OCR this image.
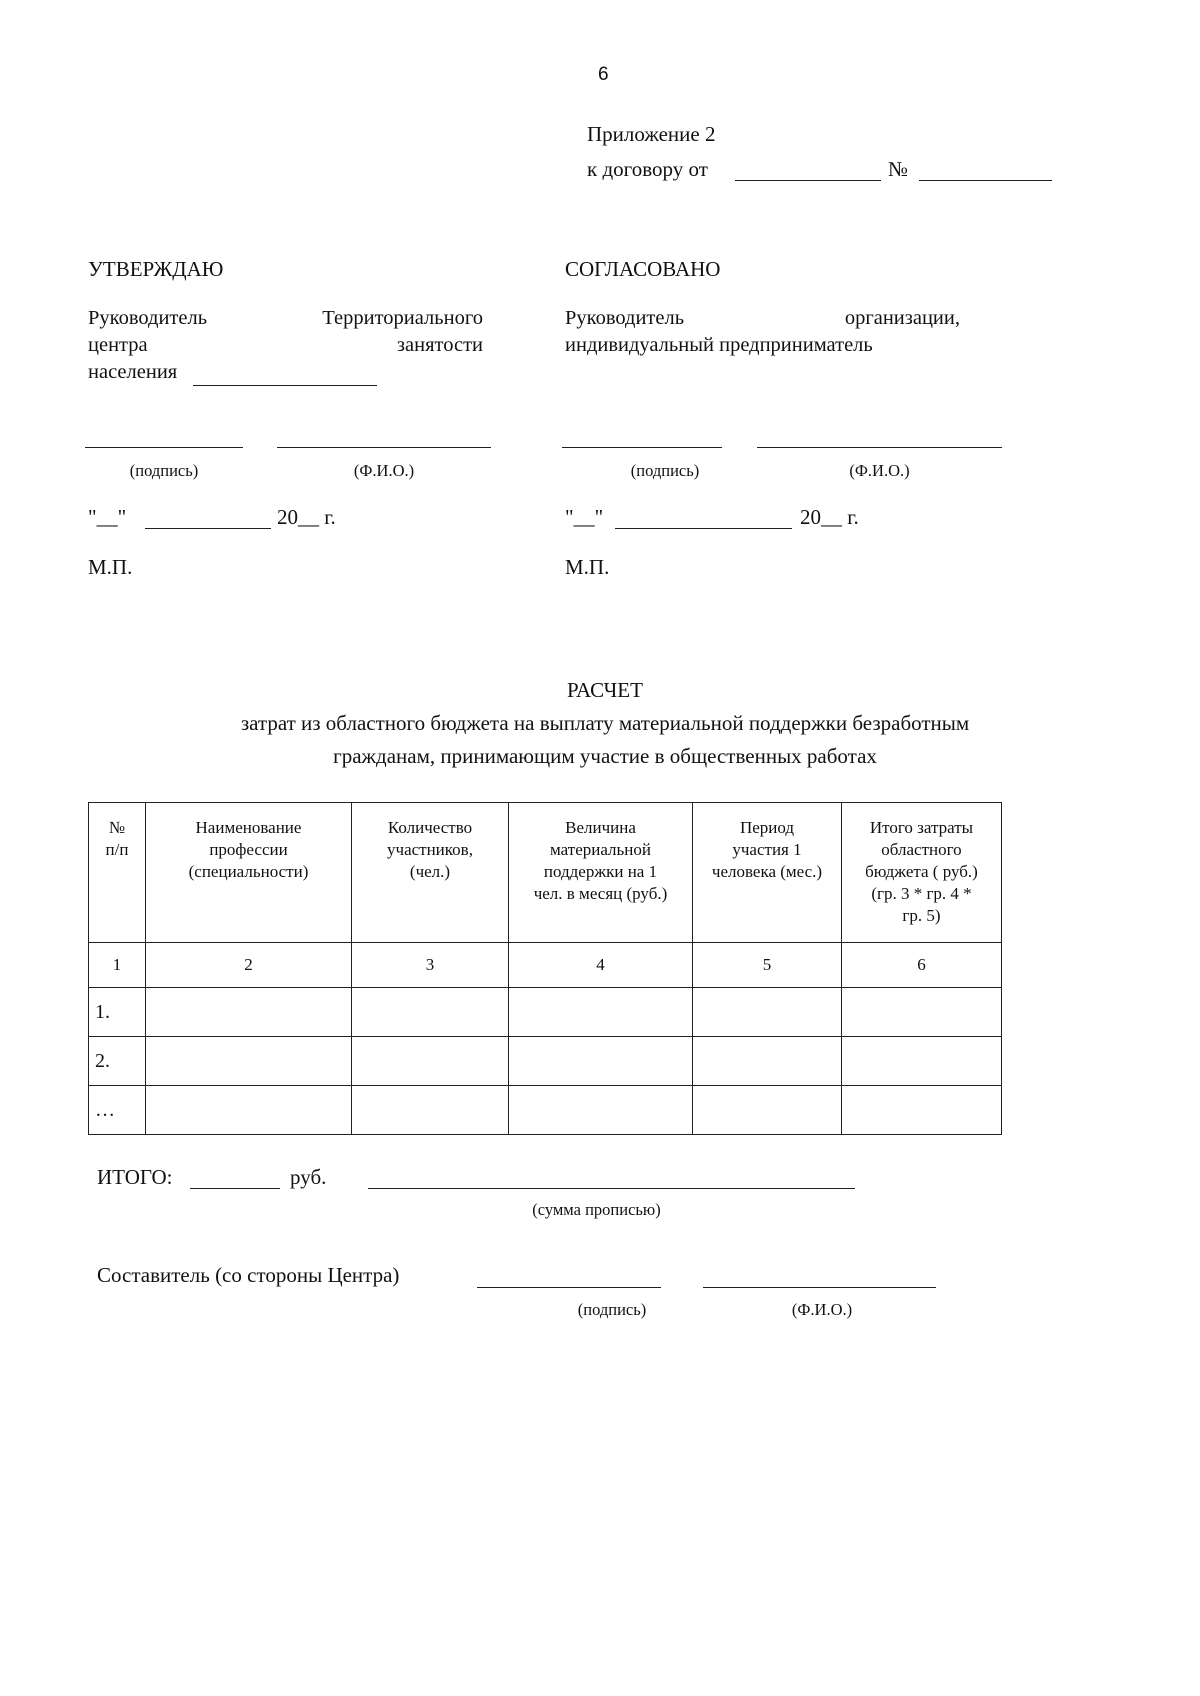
6
Приложение 2
к договору от	№
УТВЕРЖДАЮ
Руководитель	Территориального
центра	занятости
населения
(подпись)	(Ф.И.О.)
"__"	20__ г.
М.П.
СОГЛАСОВАНО
Руководитель	организации,
индивидуальный предприниматель
(подпись)	(Ф.И.О.)
"__"	20__ г.
М.П.
РАСЧЕТ
затрат из областного бюджета на выплату материальной поддержки безработным
гражданам, принимающим участие в общественных работах
№
п/п	Наименование
профессии
(специальности)	Количество
участников,
(чел.)	Величина
материальной
поддержки на 1
чел. в месяц (руб.)	Период
участия 1
человека (мес.)	Итого затраты
областного
бюджета ( руб.)
(гр. 3 * гр. 4 *
гр. 5)
1	2	3	4	5	6
1.					
2.					
…					
ИТОГО:	руб.
(сумма прописью)
Составитель (со стороны Центра)
(подпись)	(Ф.И.О.)
